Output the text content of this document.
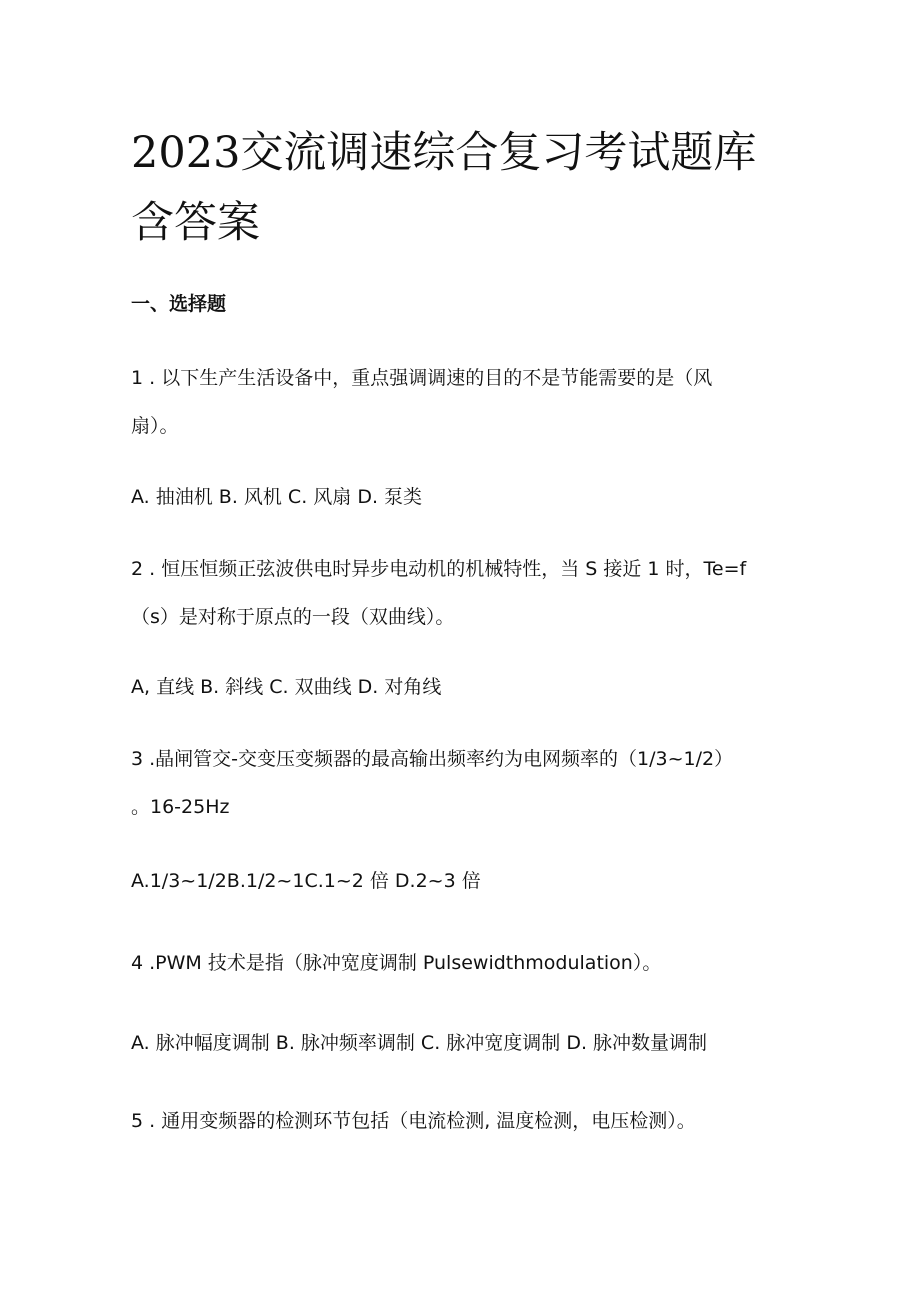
2023交流调速综合复习考试题库含答案
一、选择题

1 . 以下生产生活设备中，重点强调调速的目的不是节能需要的是（风

扇）。

A. 抽油机 B. 风机 C. 风扇 D. 泵类

2 . 恒压恒频正弦波供电时异步电动机的机械特性，当 S 接近 1 时，Te=f

（s）是对称于原点的一段（双曲线）。

A, 直线 B. 斜线 C. 双曲线 D. 对角线

3 .晶闸管交-交变压变频器的最高输出频率约为电网频率的（1/3~1/2）

。16-25Hz

A.1/3~1/2B.1/2~1C.1~2 倍 D.2~3 倍

4 .PWM 技术是指（脉冲宽度调制 Pulsewidthmodulation）。

A. 脉冲幅度调制 B. 脉冲频率调制 C. 脉冲宽度调制 D. 脉冲数量调制

5 . 通用变频器的检测环节包括（电流检测, 温度检测，电压检测）。
